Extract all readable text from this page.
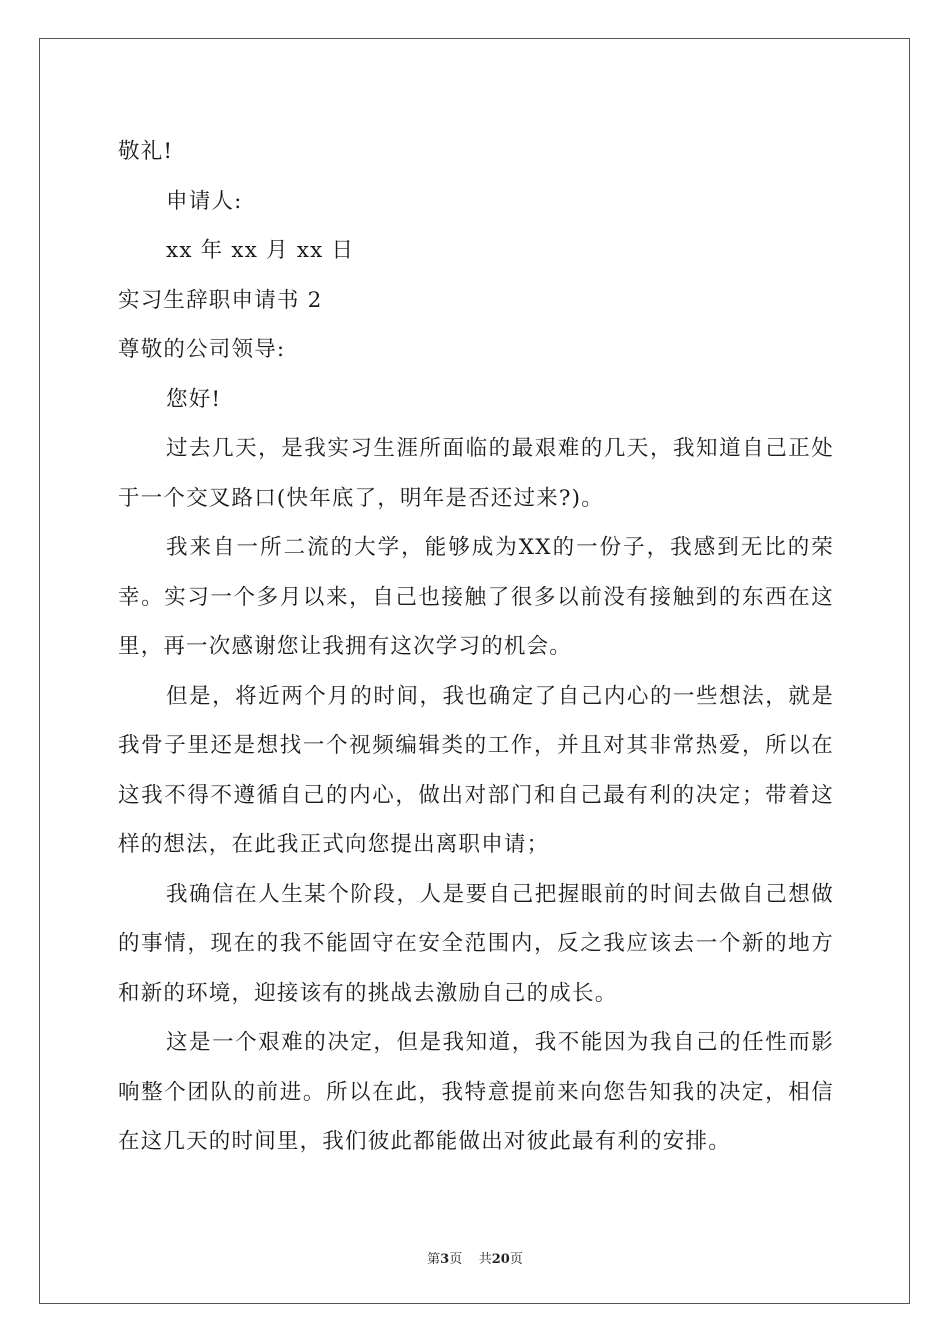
敬礼!
申请人:
xx 年 xx 月 xx 日
实习生辞职申请书 2
尊敬的公司领导:
您好!
过去几天，是我实习生涯所面临的最艰难的几天，我知道自己正处于一个交叉路口(快年底了，明年是否还过来?)。
我来自一所二流的大学，能够成为XX的一份子，我感到无比的荣幸。实习一个多月以来，自己也接触了很多以前没有接触到的东西在这里，再一次感谢您让我拥有这次学习的机会。
但是，将近两个月的时间，我也确定了自己内心的一些想法，就是我骨子里还是想找一个视频编辑类的工作，并且对其非常热爱，所以在这我不得不遵循自己的内心，做出对部门和自己最有利的决定；带着这样的想法，在此我正式向您提出离职申请；
我确信在人生某个阶段，人是要自己把握眼前的时间去做自己想做的事情，现在的我不能固守在安全范围内，反之我应该去一个新的地方和新的环境，迎接该有的挑战去激励自己的成长。
这是一个艰难的决定，但是我知道，我不能因为我自己的任性而影响整个团队的前进。所以在此，我特意提前来向您告知我的决定，相信在这几天的时间里，我们彼此都能做出对彼此最有利的安排。
第3页 共20页
